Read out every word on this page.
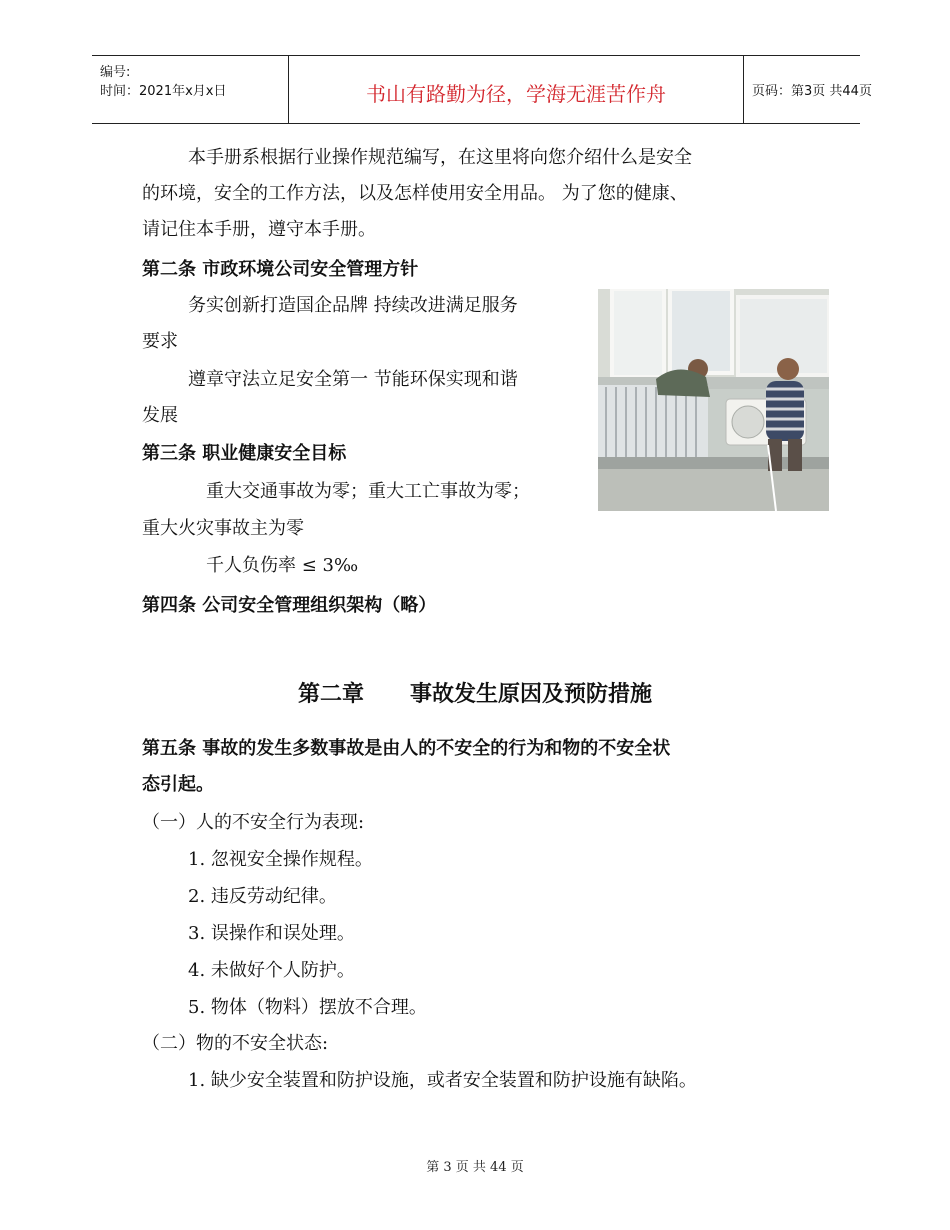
编号:
时间：2021年x月x日	书山有路勤为径，学海无涯苦作舟	页码：第3页 共44页
本手册系根据行业操作规范编写，在这里将向您介绍什么是安全
的环境，安全的工作方法，以及怎样使用安全用品。 为了您的健康、
请记住本手册，遵守本手册。
第二条 市政环境公司安全管理方针
务实创新打造国企品牌 持续改进满足服务
要求
遵章守法立足安全第一 节能环保实现和谐
发展
第三条 职业健康安全目标
重大交通事故为零；重大工亡事故为零；
重大火灾事故主为零
千人负伤率 ≤ 3‰
第四条 公司安全管理组织架构（略）
第二章      事故发生原因及预防措施
第五条 事故的发生多数事故是由人的不安全的行为和物的不安全状
态引起。
（一）人的不安全行为表现:
1. 忽视安全操作规程。
2. 违反劳动纪律。
3. 误操作和误处理。
4. 未做好个人防护。
5. 物体（物料）摆放不合理。
（二）物的不安全状态:
1. 缺少安全装置和防护设施，或者安全装置和防护设施有缺陷。
第 3 页 共 44 页
